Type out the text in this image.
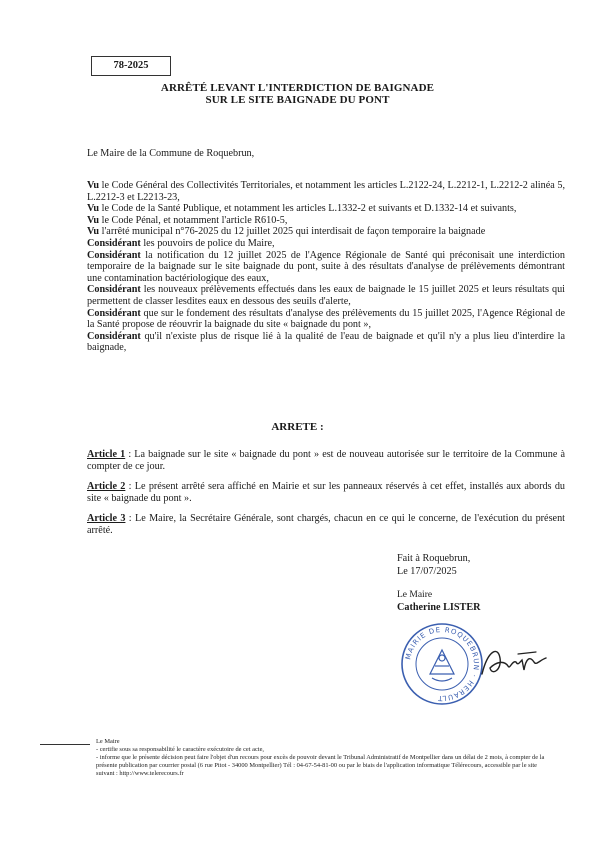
78-2025
ARRÊTÉ LEVANT L'INTERDICTION DE BAIGNADE
SUR LE SITE BAIGNADE DU PONT
Le Maire de la Commune de Roquebrun,

Vu le Code Général des Collectivités Territoriales, et notamment les articles L.2122-24, L.2212-1, L.2212-2 alinéa 5, L.2212-3 et L2213-23,

Vu le Code de la Santé Publique, et notamment les articles L.1332-2 et suivants et D.1332-14 et suivants,

Vu le Code Pénal, et notamment l'article R610-5,

Vu l'arrêté municipal n°76-2025 du 12 juillet 2025 qui interdisait de façon temporaire la baignade

Considérant les pouvoirs de police du Maire,

Considérant la notification du 12 juillet 2025 de l'Agence Régionale de Santé qui préconisait une interdiction temporaire de la baignade sur le site baignade du pont, suite à des résultats d'analyse de prélèvements démontrant une contamination bactériologique des eaux,

Considérant les nouveaux prélèvements effectués dans les eaux de baignade le 15 juillet 2025 et leurs résultats qui permettent de classer lesdites eaux en dessous des seuils d'alerte,

Considérant que sur le fondement des résultats d'analyse des prélèvements du 15 juillet 2025, l'Agence Régional de la Santé propose de réouvrir la baignade du site « baignade du pont »,

Considérant qu'il n'existe plus de risque lié à la qualité de l'eau de baignade et qu'il n'y a plus lieu d'interdire la baignade,

ARRETE :

Article 1 : La baignade sur le site « baignade du pont » est de nouveau autorisée sur le territoire de la Commune à compter de ce jour.

Article 2 : Le présent arrêté sera affiché en Mairie et sur les panneaux réservés à cet effet, installés aux abords du site « baignade du pont ».

Article 3 : Le Maire, la Secrétaire Générale, sont chargés, chacun en ce qui le concerne, de l'exécution du présent arrêté.

Fait à Roquebrun,
Le 17/07/2025
Le Maire
Catherine LISTER
MAIRIE DE ROQUEBRUN · HERAULT

Le Maire

- certifie sous sa responsabilité le caractère exécutoire de cet acte,

- informe que le présente décision peut faire l'objet d'un recours pour excès de pouvoir devant le Tribunal Administratif de Montpellier dans un délai de 2 mois, à compter de la présente publication par courrier postal (6 rue Pitot - 34000 Montpellier) Tél : 04-67-54-81-00 ou par le biais de l'application informatique Télérecours, accessible par le site suivant : http://www.telerecours.fr
